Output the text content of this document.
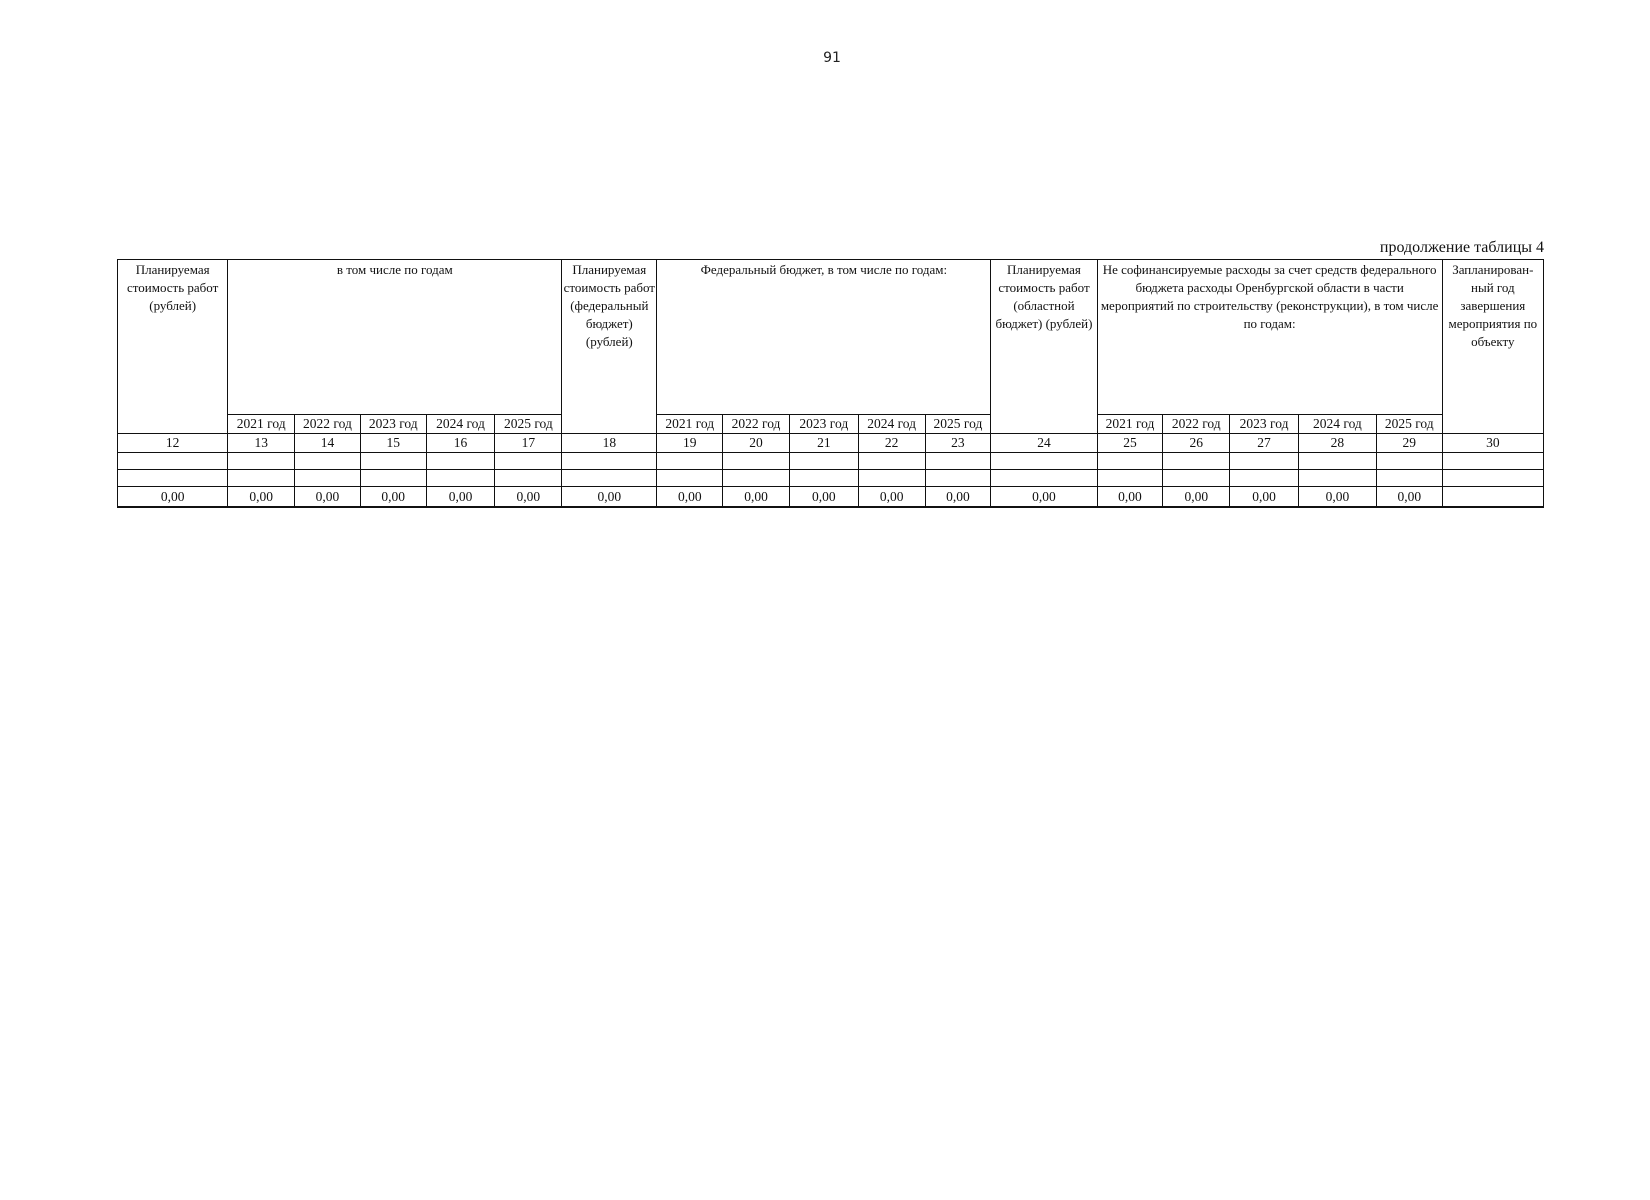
91
продолжение таблицы 4
Планируемая стоимость работ (рублей)	в том числе по годам					Планируемая стоимость работ (федеральный бюджет) (рублей)	Федеральный бюджет, в том числе по годам:					Планируемая стоимость работ (областной бюджет) (рублей)	Не софинансируемые расходы за счет средств федерального бюджета расходы Оренбургской области в части мероприятий по строительству (реконструкции), в том числе по годам:					Запланирован-ный год завершения мероприятия по объекту
	2021 год	2022 год	2023 год	2024 год	2025 год		2021 год	2022 год	2023 год	2024 год	2025 год		2021 год	2022 год	2023 год	2024 год	2025 год	
12	13	14	15	16	17	18	19	20	21	22	23	24	25	26	27	28	29	30

0,00	0,00	0,00	0,00	0,00	0,00	0,00	0,00	0,00	0,00	0,00	0,00	0,00	0,00	0,00	0,00	0,00	0,00	
